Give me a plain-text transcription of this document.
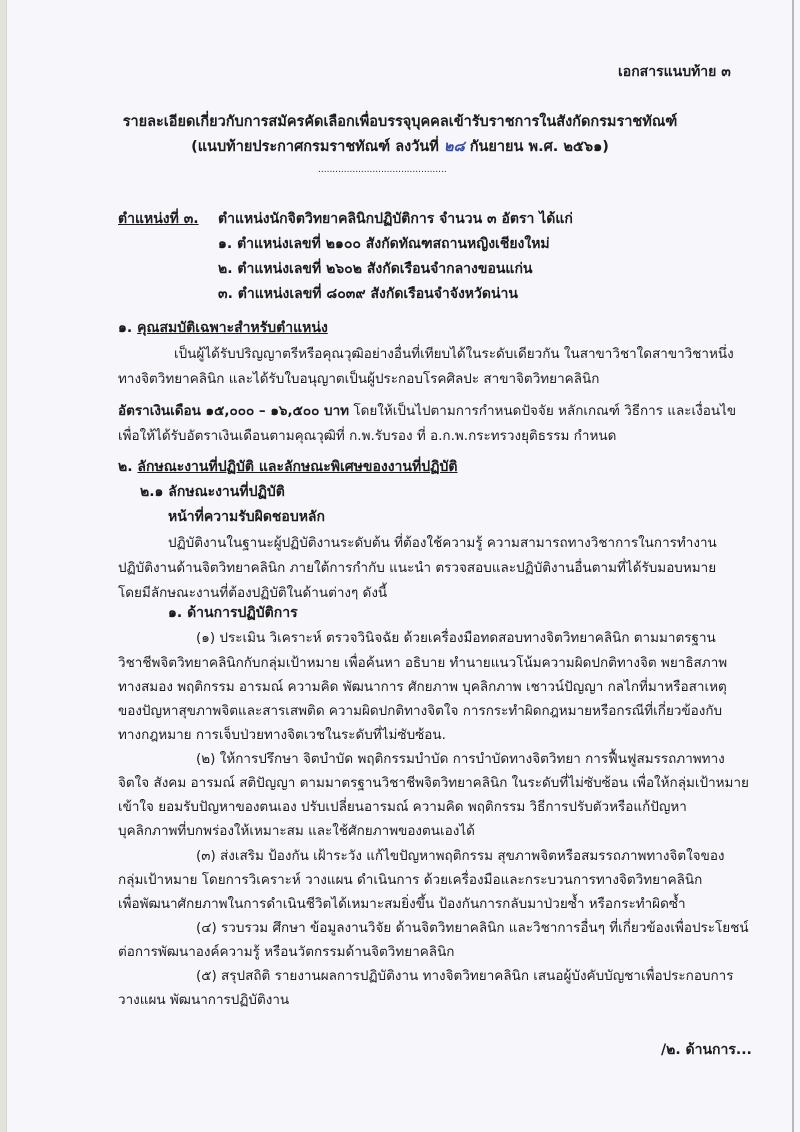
เอกสารแนบท้าย ๓
รายละเอียดเกี่ยวกับการสมัครคัดเลือกเพื่อบรรจุบุคคลเข้ารับราชการในสังกัดกรมราชทัณฑ์
(แนบท้ายประกาศกรมราชทัณฑ์ ลงวันที่ ๒๘ กันยายน พ.ศ. ๒๕๖๑)
.............................................
ตำแหน่งที่ ๓. ตำแหน่งนักจิตวิทยาคลินิกปฏิบัติการ จำนวน ๓ อัตรา ได้แก่
๑. ตำแหน่งเลขที่ ๒๑๐๐ สังกัดทัณฑสถานหญิงเชียงใหม่
๒. ตำแหน่งเลขที่ ๒๖๐๒ สังกัดเรือนจำกลางขอนแก่น
๓. ตำแหน่งเลขที่ ๘๐๓๙ สังกัดเรือนจำจังหวัดน่าน
๑. คุณสมบัติเฉพาะสำหรับตำแหน่ง
เป็นผู้ได้รับปริญญาตรีหรือคุณวุฒิอย่างอื่นที่เทียบได้ในระดับเดียวกัน ในสาขาวิชาใดสาขาวิชาหนึ่ง
ทางจิตวิทยาคลินิก และได้รับใบอนุญาตเป็นผู้ประกอบโรคศิลปะ สาขาจิตวิทยาคลินิก
อัตราเงินเดือน ๑๕,๐๐๐ – ๑๖,๕๐๐ บาท โดยให้เป็นไปตามการกำหนดปัจจัย หลักเกณฑ์ วิธีการ และเงื่อนไข
เพื่อให้ได้รับอัตราเงินเดือนตามคุณวุฒิที่ ก.พ.รับรอง ที่ อ.ก.พ.กระทรวงยุติธรรม กำหนด
๒. ลักษณะงานที่ปฏิบัติ และลักษณะพิเศษของงานที่ปฏิบัติ
๒.๑ ลักษณะงานที่ปฏิบัติ
หน้าที่ความรับผิดชอบหลัก
ปฏิบัติงานในฐานะผู้ปฏิบัติงานระดับต้น ที่ต้องใช้ความรู้ ความสามารถทางวิชาการในการทำงาน
ปฏิบัติงานด้านจิตวิทยาคลินิก ภายใต้การกำกับ แนะนำ ตรวจสอบและปฏิบัติงานอื่นตามที่ได้รับมอบหมาย
โดยมีลักษณะงานที่ต้องปฏิบัติในด้านต่างๆ ดังนี้
๑. ด้านการปฏิบัติการ
(๑) ประเมิน วิเคราะห์ ตรวจวินิจฉัย ด้วยเครื่องมือทดสอบทางจิตวิทยาคลินิก ตามมาตรฐาน
วิชาชีพจิตวิทยาคลินิกกับกลุ่มเป้าหมาย เพื่อค้นหา อธิบาย ทำนายแนวโน้มความผิดปกติทางจิต พยาธิสภาพ
ทางสมอง พฤติกรรม อารมณ์ ความคิด พัฒนาการ ศักยภาพ บุคลิกภาพ เชาวน์ปัญญา กลไกที่มาหรือสาเหตุ
ของปัญหาสุขภาพจิตและสารเสพติด ความผิดปกติทางจิตใจ การกระทำผิดกฎหมายหรือกรณีที่เกี่ยวข้องกับ
ทางกฎหมาย การเจ็บป่วยทางจิตเวชในระดับที่ไม่ซับซ้อน.
(๒) ให้การปรึกษา จิตบำบัด พฤติกรรมบำบัด การบำบัดทางจิตวิทยา การฟื้นฟูสมรรถภาพทาง
จิตใจ สังคม อารมณ์ สติปัญญา ตามมาตรฐานวิชาชีพจิตวิทยาคลินิก ในระดับที่ไม่ซับซ้อน เพื่อให้กลุ่มเป้าหมาย
เข้าใจ ยอมรับปัญหาของตนเอง ปรับเปลี่ยนอารมณ์ ความคิด พฤติกรรม วิธีการปรับตัวหรือแก้ปัญหา
บุคลิกภาพที่บกพร่องให้เหมาะสม และใช้ศักยภาพของตนเองได้
(๓) ส่งเสริม ป้องกัน เฝ้าระวัง แก้ไขปัญหาพฤติกรรม สุขภาพจิตหรือสมรรถภาพทางจิตใจของ
กลุ่มเป้าหมาย โดยการวิเคราะห์ วางแผน ดำเนินการ ด้วยเครื่องมือและกระบวนการทางจิตวิทยาคลินิก
เพื่อพัฒนาศักยภาพในการดำเนินชีวิตได้เหมาะสมยิ่งขึ้น ป้องกันการกลับมาป่วยซ้ำ หรือกระทำผิดซ้ำ
(๔) รวบรวม ศึกษา ข้อมูลงานวิจัย ด้านจิตวิทยาคลินิก และวิชาการอื่นๆ ที่เกี่ยวข้องเพื่อประโยชน์
ต่อการพัฒนาองค์ความรู้ หรือนวัตกรรมด้านจิตวิทยาคลินิก
(๕) สรุปสถิติ รายงานผลการปฏิบัติงาน ทางจิตวิทยาคลินิก เสนอผู้บังคับบัญชาเพื่อประกอบการ
วางแผน พัฒนาการปฏิบัติงาน
/๒. ด้านการ...
